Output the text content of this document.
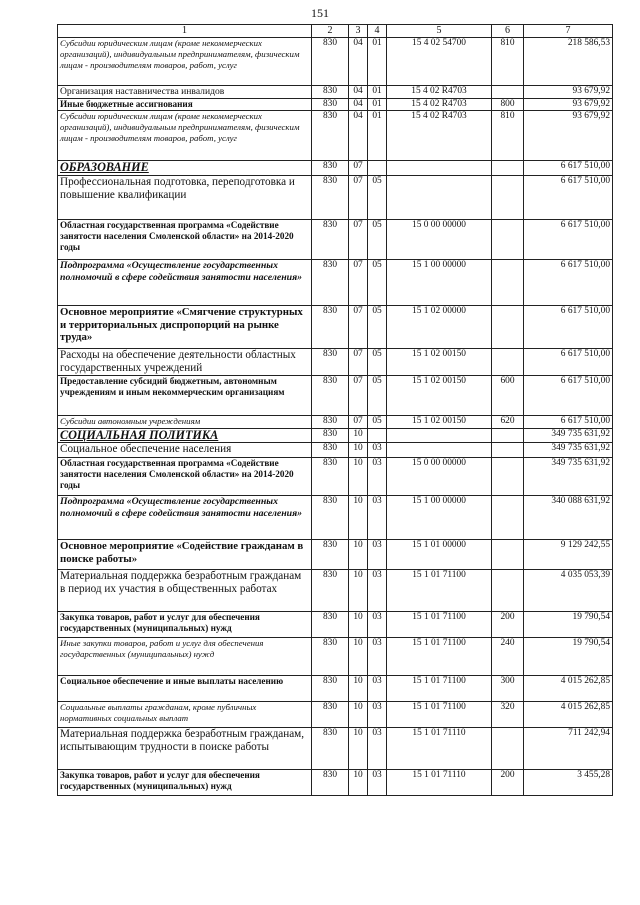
151
1	2	3	4	5	6	7
Субсидии юридическим лицам (кроме некоммерческих организаций), индивидуальным предпринимателям, физическим лицам - производителям товаров, работ, услуг	830	04	01	15 4 02 54700	810	218 586,53
Организация наставничества инвалидов	830	04	01	15 4 02 R4703		93 679,92
Иные бюджетные ассигнования	830	04	01	15 4 02 R4703	800	93 679,92
Субсидии юридическим лицам (кроме некоммерческих организаций), индивидуальным предпринимателям, физическим лицам - производителям товаров, работ, услуг	830	04	01	15 4 02 R4703	810	93 679,92
ОБРАЗОВАНИЕ	830	07				6 617 510,00
Профессиональная подготовка, переподготовка и повышение квалификации	830	07	05			6 617 510,00
Областная государственная программа «Содействие занятости населения Смоленской области» на 2014-2020 годы	830	07	05	15 0 00 00000		6 617 510,00
Подпрограмма «Осуществление государственных полномочий в сфере содействия занятости населения»	830	07	05	15 1 00 00000		6 617 510,00
Основное мероприятие «Смягчение структурных и территориальных диспропорций на рынке труда»	830	07	05	15 1 02 00000		6 617 510,00
Расходы на обеспечение деятельности областных государственных учреждений	830	07	05	15 1 02 00150		6 617 510,00
Предоставление субсидий бюджетным, автономным учреждениям и иным некоммерческим организациям	830	07	05	15 1 02 00150	600	6 617 510,00
Субсидии автономным учреждениям	830	07	05	15 1 02 00150	620	6 617 510,00
СОЦИАЛЬНАЯ ПОЛИТИКА	830	10				349 735 631,92
Социальное обеспечение населения	830	10	03			349 735 631,92
Областная государственная программа «Содействие занятости населения Смоленской области» на 2014-2020 годы	830	10	03	15 0 00 00000		349 735 631,92
Подпрограмма «Осуществление государственных полномочий в сфере содействия занятости населения»	830	10	03	15 1 00 00000		340 088 631,92
Основное мероприятие «Содействие гражданам в поиске работы»	830	10	03	15 1 01 00000		9 129 242,55
Материальная поддержка безработным гражданам в период их участия в общественных работах	830	10	03	15 1 01 71100		4 035 053,39
Закупка товаров, работ и услуг для обеспечения государственных (муниципальных) нужд	830	10	03	15 1 01 71100	200	19 790,54
Иные закупки товаров, работ и услуг для обеспечения государственных (муниципальных) нужд	830	10	03	15 1 01 71100	240	19 790,54
Социальное обеспечение и иные выплаты населению	830	10	03	15 1 01 71100	300	4 015 262,85
Социальные выплаты гражданам, кроме публичных нормативных социальных выплат	830	10	03	15 1 01 71100	320	4 015 262,85
Материальная поддержка безработным гражданам, испытывающим трудности в поиске работы	830	10	03	15 1 01 71110		711 242,94
Закупка товаров, работ и услуг для обеспечения государственных (муниципальных) нужд	830	10	03	15 1 01 71110	200	3 455,28
